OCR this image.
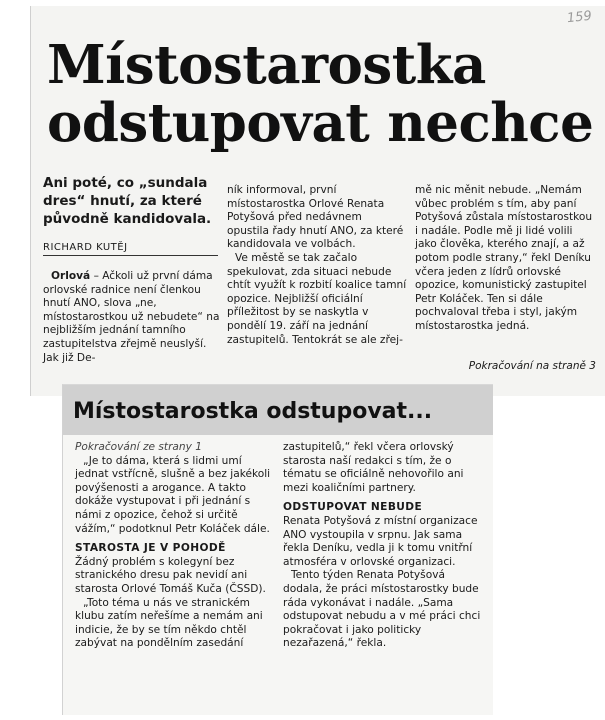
159
Místostarostka
odstupovat nechce
Ani poté, co „sundala dres“ hnutí, za které původně kandidovala.
RICHARD KUTĚJ

Orlová – Ačkoli už první dáma orlovské radnice není členkou hnutí ANO, slova „ne, místostarostkou už nebudete“ na nejbližším jednání tamního zastupitelstva zřejmě neuslyší. Jak již De-

ník informoval, první místostarostka Orlové Renata Potyšová před nedávnem opustila řady hnutí ANO, za které kandidovala ve volbách.

Ve městě se tak začalo spekulovat, zda situaci nebude chtít využít k rozbití koalice tamní opozice. Nejbližší oficiální příležitost by se naskytla v pondělí 19. září na jednání zastupitelů. Tentokrát se ale zřej-

mě nic měnit nebude. „Nemám vůbec problém s tím, aby paní Potyšová zůstala místostarostkou i nadále. Podle mě ji lidé volili jako člověka, kterého znají, a až potom podle strany,“ řekl Deníku včera jeden z lídrů orlovské opozice, komunistický zastupitel Petr Koláček. Ten si dále pochvaloval třeba i styl, jakým místostarostka jedná.

Pokračování na straně 3
Místostarostka odstupovat...

Pokračování ze strany 1

„Je to dáma, která s lidmi umí jednat vstřícně, slušně a bez jakékoli povýšenosti a arogance. A takto dokáže vystupovat i při jednání s námi z opozice, čehož si určitě vážím,“ podotknul Petr Koláček dále.

STAROSTA JE V POHODĚ

Žádný problém s kolegyní bez stranického dresu pak nevidí ani starosta Orlové Tomáš Kuča (ČSSD).

„Toto téma u nás ve stranickém klubu zatím neřešíme a nemám ani indicie, že by se tím někdo chtěl zabývat na pondělním zasedání

zastupitelů,“ řekl včera orlovský starosta naší redakci s tím, že o tématu se oficiálně nehovořilo ani mezi koaličními partnery.

ODSTUPOVAT NEBUDE

Renata Potyšová z místní organizace ANO vystoupila v srpnu. Jak sama řekla Deníku, vedla ji k tomu vnitřní atmosféra v orlovské organizaci.

Tento týden Renata Potyšová dodala, že práci místostarostky bude ráda vykonávat i nadále. „Sama odstupovat nebudu a v mé práci chci pokračovat i jako politicky nezařazená,“ řekla.
